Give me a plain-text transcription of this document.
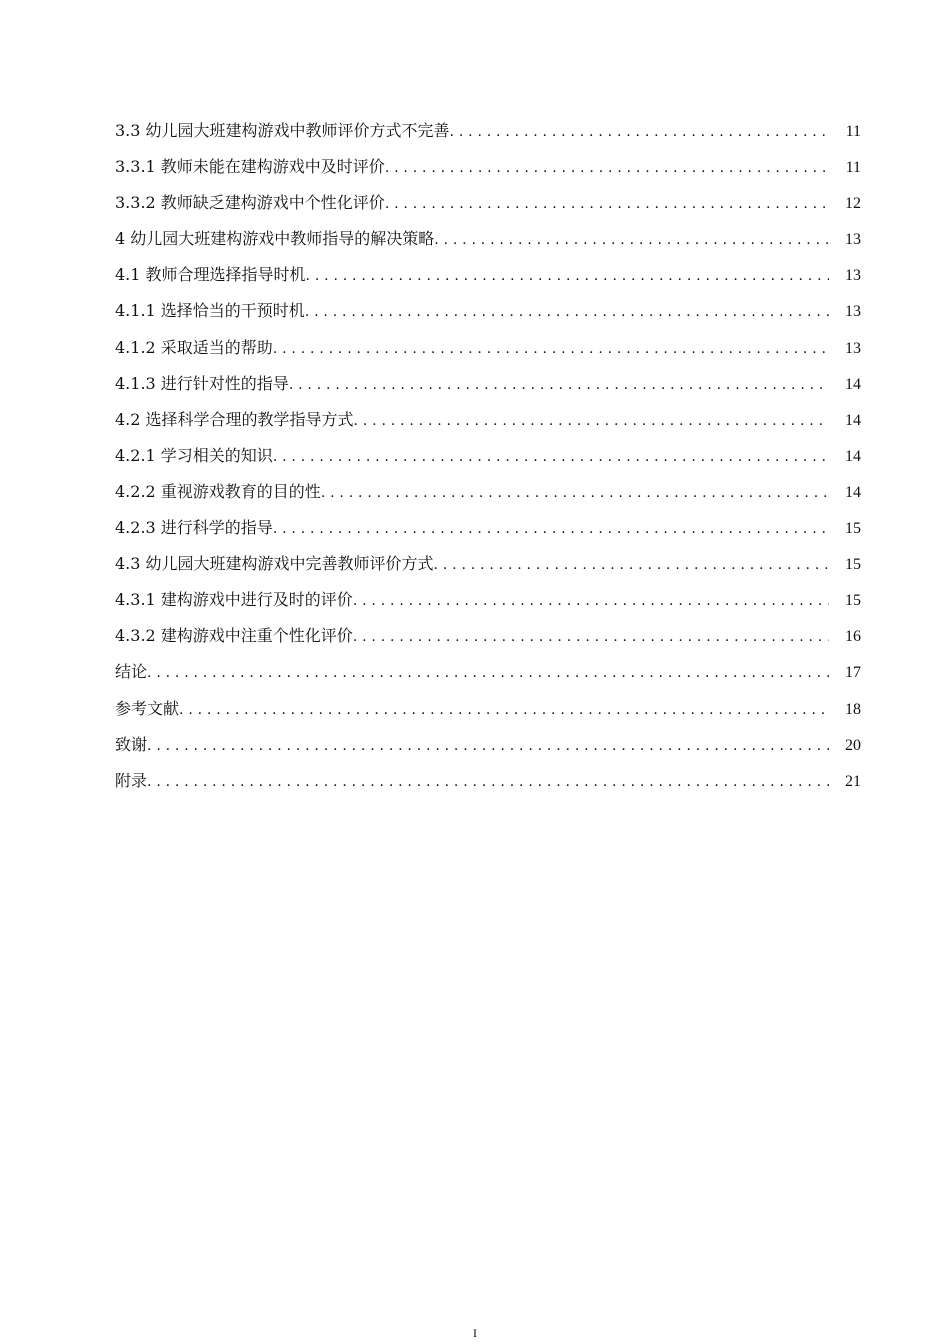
3.3 幼儿园大班建构游戏中教师评价方式不完善 . . .	11
3.3.1 教师未能在建构游戏中及时评价 . . .	11
3.3.2 教师缺乏建构游戏中个性化评价 . . .	12
4 幼儿园大班建构游戏中教师指导的解决策略 . . .	13
4.1 教师合理选择指导时机 . . .	13
4.1.1 选择恰当的干预时机 . . .	13
4.1.2 采取适当的帮助 . . .	13
4.1.3 进行针对性的指导 . . .	14
4.2 选择科学合理的教学指导方式 . . .	14
4.2.1 学习相关的知识 . . .	14
4.2.2 重视游戏教育的目的性 . . .	14
4.2.3 进行科学的指导 . . .	15
4.3 幼儿园大班建构游戏中完善教师评价方式 . . .	15
4.3.1 建构游戏中进行及时的评价 . . .	15
4.3.2 建构游戏中注重个性化评价 . . .	16
结论 . . .	17
参考文献 . . .	18
致谢 . . .	20
附录 . . .	21
I
